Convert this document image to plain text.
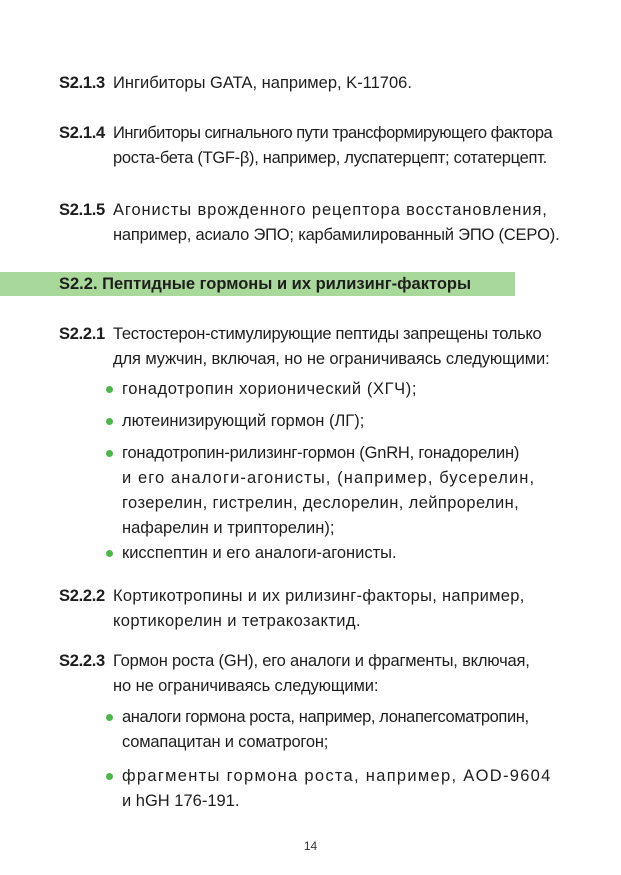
S2.1.3 Ингибиторы GATA, например, K-11706.
S2.1.4 Ингибиторы сигнального пути трансформирующего фактора
роста-бета (TGF-β), например, луспатерцепт; сотатерцепт.
S2.1.5 Агонисты врожденного рецептора восстановления,
например, асиало ЭПО; карбамилированный ЭПО (CEPO).
S2.2. Пептидные гормоны и их рилизинг-факторы
S2.2.1 Тестостерон-стимулирующие пептиды запрещены только
для мужчин, включая, но не ограничиваясь следующими:
гонадотропин хорионический (ХГЧ);
лютеинизирующий гормон (ЛГ);
гонадотропин-рилизинг-гормон (GnRH, гонадорелин)
и его аналоги-агонисты, (например, бусерелин,
гозерелин, гистрелин, деслорелин, лейпрорелин,
нафарелин и трипторелин);
кисспептин и его аналоги-агонисты.
S2.2.2 Кортикотропины и их рилизинг-факторы, например,
кортикорелин и тетракозактид.
S2.2.3 Гормон роста (GH), его аналоги и фрагменты, включая,
но не ограничиваясь следующими:
аналоги гормона роста, например, лонапегсоматропин,
сомапацитан и соматрогон;
фрагменты гормона роста, например, AOD-9604
и hGH 176-191.
14
